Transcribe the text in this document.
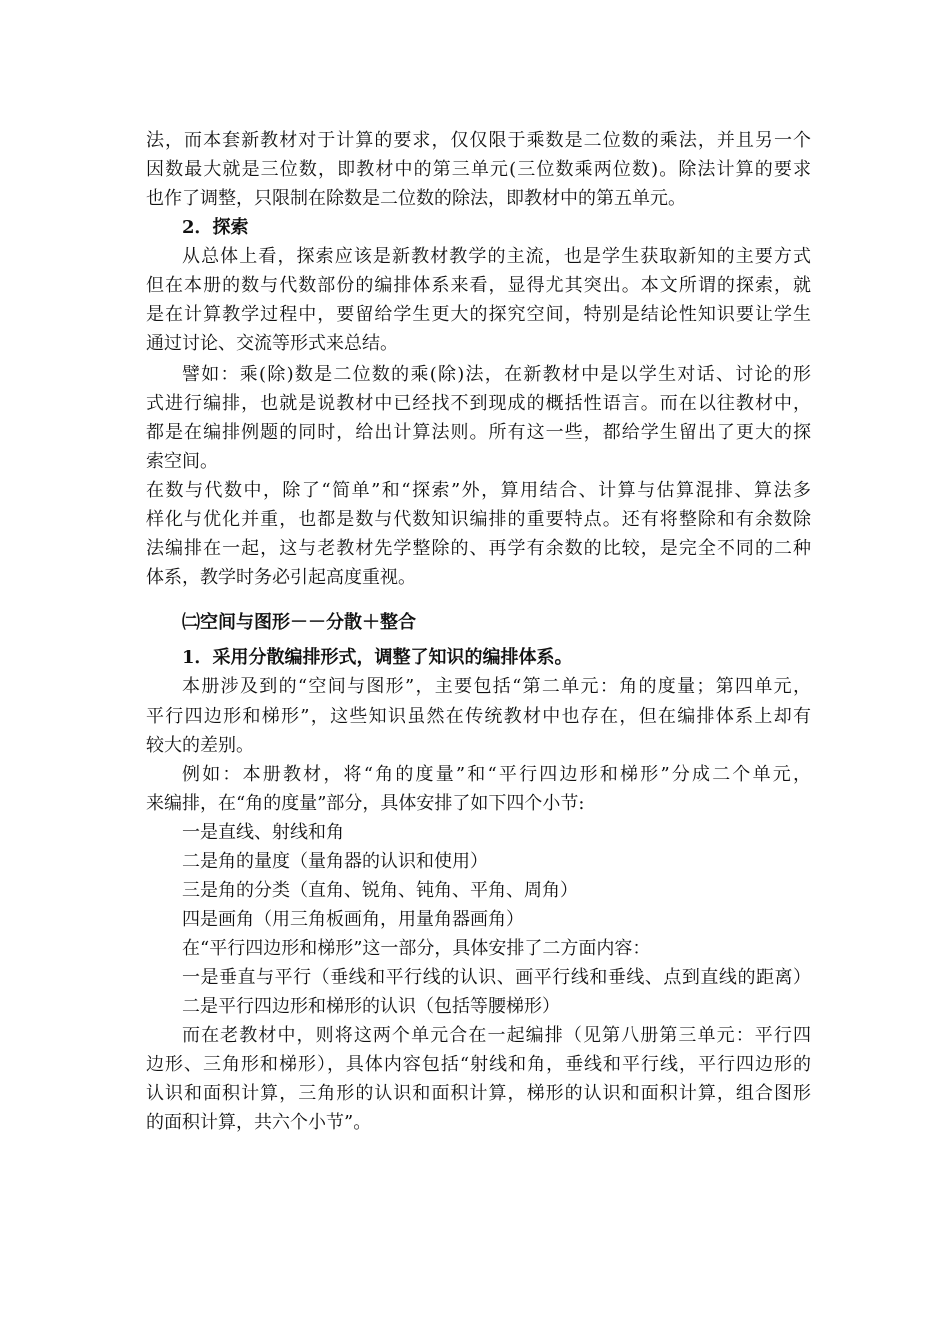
法，而本套新教材对于计算的要求，仅仅限于乘数是二位数的乘法，并且另一个
因数最大就是三位数，即教材中的第三单元(三位数乘两位数)。除法计算的要求
也作了调整，只限制在除数是二位数的除法，即教材中的第五单元。
2．探索
从总体上看，探索应该是新教材教学的主流，也是学生获取新知的主要方式
但在本册的数与代数部份的编排体系来看，显得尤其突出。本文所谓的探索，就
是在计算教学过程中，要留给学生更大的探究空间，特别是结论性知识要让学生
通过讨论、交流等形式来总结。
譬如：乘(除)数是二位数的乘(除)法，在新教材中是以学生对话、讨论的形
式进行编排，也就是说教材中已经找不到现成的概括性语言。而在以往教材中，
都是在编排例题的同时，给出计算法则。所有这一些，都给学生留出了更大的探
索空间。
在数与代数中，除了“简单”和“探索”外，算用结合、计算与估算混排、算法多
样化与优化并重，也都是数与代数知识编排的重要特点。还有将整除和有余数除
法编排在一起，这与老教材先学整除的、再学有余数的比较，是完全不同的二种
体系，教学时务必引起高度重视。
㈡空间与图形－－分散＋整合
1．采用分散编排形式，调整了知识的编排体系。
本册涉及到的“空间与图形”，主要包括“第二单元：角的度量；第四单元，
平行四边形和梯形”，这些知识虽然在传统教材中也存在，但在编排体系上却有
较大的差别。
例如：本册教材，将“角的度量”和“平行四边形和梯形”分成二个单元，
来编排，在“角的度量”部分，具体安排了如下四个小节:
一是直线、射线和角
二是角的量度（量角器的认识和使用）
三是角的分类（直角、锐角、钝角、平角、周角）
四是画角（用三角板画角，用量角器画角）
在“平行四边形和梯形”这一部分，具体安排了二方面内容：
一是垂直与平行（垂线和平行线的认识、画平行线和垂线、点到直线的距离）
二是平行四边形和梯形的认识（包括等腰梯形）
而在老教材中，则将这两个单元合在一起编排（见第八册第三单元：平行四
边形、三角形和梯形），具体内容包括“射线和角，垂线和平行线，平行四边形的
认识和面积计算，三角形的认识和面积计算，梯形的认识和面积计算，组合图形
的面积计算，共六个小节”。
